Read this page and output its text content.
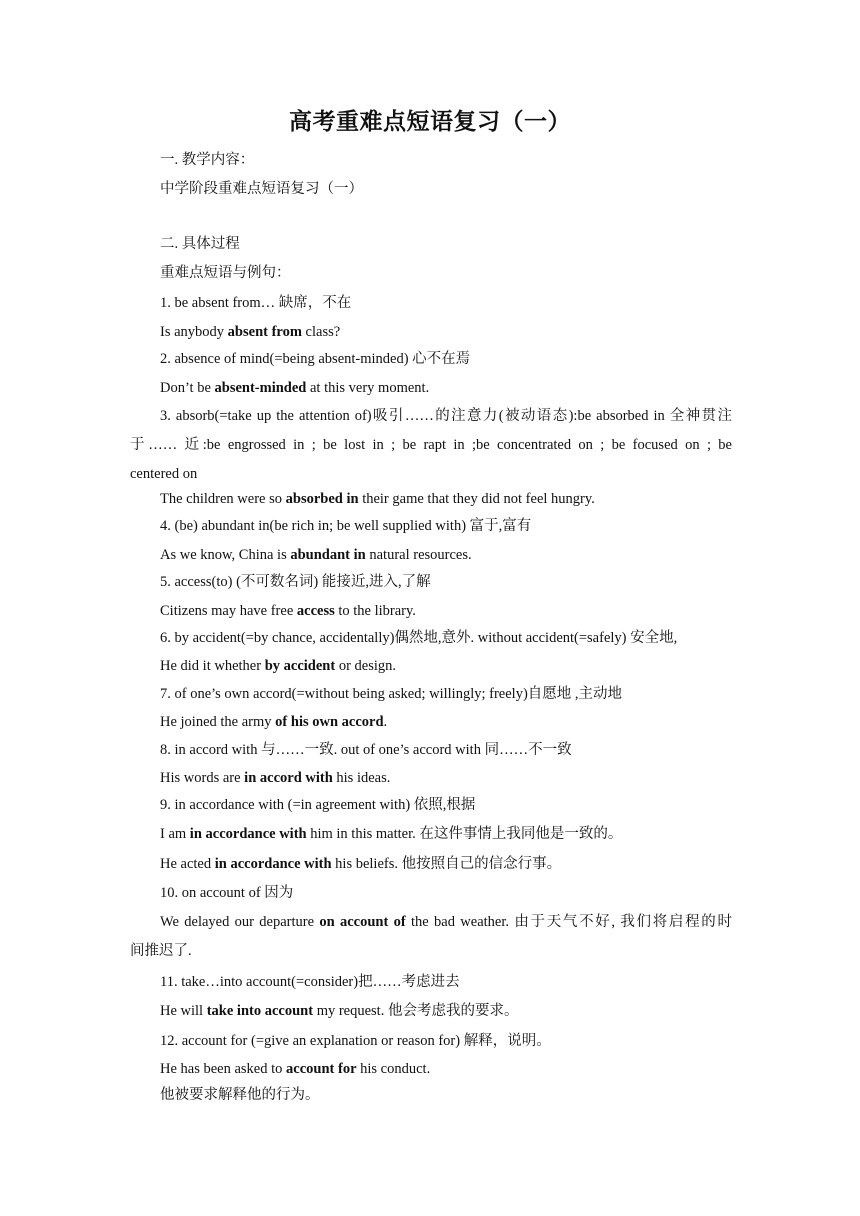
高考重难点短语复习（一）
一. 教学内容：
中学阶段重难点短语复习（一）
二. 具体过程
重难点短语与例句：
1. be absent from… 缺席，不在
Is anybody absent from class?
2. absence of mind(=being absent-minded) 心不在焉
Don’t be absent-minded at this very moment.
3. absorb(=take up the attention of)吸引……的注意力(被动语态):be absorbed in 全神贯注
于…… 近:be engrossed in ; be lost in ; be rapt in ;be concentrated on ; be focused on ; be
centered on
The children were so absorbed in their game that they did not feel hungry.
4. (be) abundant in(be rich in; be well supplied with) 富于,富有
As we know, China is abundant in natural resources.
5. access(to) (不可数名词) 能接近,进入,了解
Citizens may have free access to the library.
6. by accident(=by chance, accidentally)偶然地,意外. without accident(=safely) 安全地,
He did it whether by accident or design.
7. of one’s own accord(=without being asked; willingly; freely)自愿地 ,主动地
He joined the army of his own accord.
8. in accord with 与……一致. out of one’s accord with 同……不一致
His words are in accord with his ideas.
9. in accordance with (=in agreement with) 依照,根据
I am in accordance with him in this matter. 在这件事情上我同他是一致的。
He acted in accordance with his beliefs. 他按照自己的信念行事。
10. on account of 因为
We delayed our departure on account of the bad weather. 由于天气不好, 我们将启程的时
间推迟了.
11. take…into account(=consider)把……考虑进去
He will take into account my request. 他会考虑我的要求。
12. account for (=give an explanation or reason for) 解释，说明。
He has been asked to account for his conduct.
他被要求解释他的行为。
